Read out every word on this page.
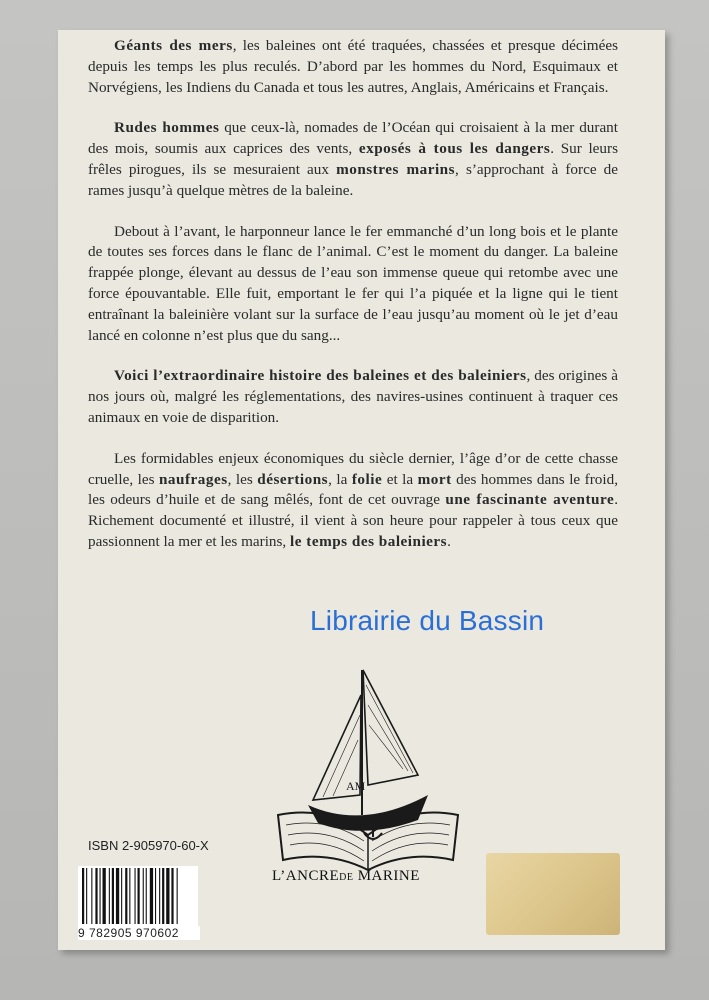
Géants des mers, les baleines ont été traquées, chassées et presque décimées depuis les temps les plus reculés. D’abord par les hommes du Nord, Esquimaux et Norvégiens, les Indiens du Canada et tous les autres, Anglais, Américains et Français.

Rudes hommes que ceux-là, nomades de l’Océan qui croisaient à la mer durant des mois, soumis aux caprices des vents, exposés à tous les dangers. Sur leurs frêles pirogues, ils se mesuraient aux monstres marins, s’approchant à force de rames jusqu’à quelque mètres de la baleine.

Debout à l’avant, le harponneur lance le fer emmanché d’un long bois et le plante de toutes ses forces dans le flanc de l’animal. C’est le moment du danger. La baleine frappée plonge, élevant au dessus de l’eau son immense queue qui retombe avec une force épouvantable. Elle fuit, emportant le fer qui l’a piquée et la ligne qui le tient entraînant la baleinière volant sur la surface de l’eau jusqu’au moment où le jet d’eau lancé en colonne n’est plus que du sang...

Voici l’extraordinaire histoire des baleines et des baleiniers, des origines à nos jours où, malgré les réglementations, des navires-usines continuent à traquer ces animaux en voie de disparition.

Les formidables enjeux économiques du siècle dernier, l’âge d’or de cette chasse cruelle, les naufrages, les désertions, la folie et la mort des hommes dans le froid, les odeurs d’huile et de sang mêlés, font de cet ouvrage une fascinante aventure. Richement documenté et illustré, il vient à son heure pour rappeler à tous ceux que passionnent la mer et les marins, le temps des baleiniers.

Librairie du Bassin
AM
L’ANCREDE MARINE
ISBN 2-905970-60-X
9 782905 970602
